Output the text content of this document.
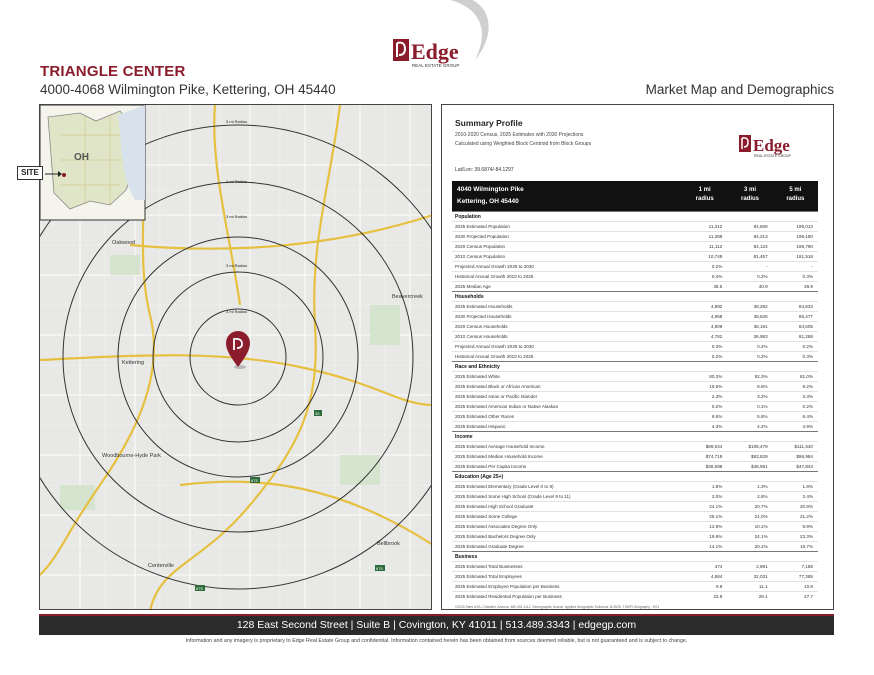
Edge
REAL ESTATE GROUP
TRIANGLE CENTER
4000-4068 Wilmington Pike, Kettering, OH 45440	Market Map and Demographics
5 mi Radius
3 mi Radius
3 mi Radius
3 mi Radius
3 mi Radius
Oakwood
Kettering
Beavercreek
Woodbourne-Hyde Park
Bellbrook
Centerville
35
675
675
675
OH
SITE
Summary Profile
2010-2020 Census, 2025 Estimates with 2030 Projections
Calculated using Weighted Block Centroid from Block Groups
Lat/Lon: 39.6874/-84.1297
Edge
REAL ESTATE GROUP
4040 Wilmington Pike
Kettering, OH 45440
1 mi
radius
3 mi
radius
5 mi
radius
Population
2025 Estimated Population	11,312	84,608	199,013
2030 Projected Population	11,399	84,213	199,180
2020 Census Population	11,112	84,124	198,790
2010 Census Population	10,749	81,457	191,518
Projected Annual Growth 2025 to 2030	0.2%	-	-
Historical Annual Growth 2010 to 2025	0.4%	0.2%	0.3%
2025 Median Age	38.5	40.9	39.9
Households
2025 Estimated Households	4,892	38,282	84,833
2030 Projected Households	4,958	38,828	85,477
2020 Census Households	4,909	38,191	84,505
2010 Census Households	4,762	36,983	81,288
Projected Annual Growth 2025 to 2030	0.3%	0.2%	0.2%
Historical Annual Growth 2010 to 2025	0.2%	0.2%	0.3%
Race and Ethnicity
2025 Estimated White	80.3%	82.3%	81.0%
2025 Estimated Black or African American	10.6%	8.5%	9.2%
2025 Estimated Asian or Pacific Islander	2.3%	3.2%	3.3%
2025 Estimated American Indian or Native Alaskan	0.2%	0.1%	0.2%
2025 Estimated Other Races	6.6%	5.8%	6.4%
2025 Estimated Hispanic	4.3%	4.2%	4.9%
Income
2025 Estimated Average Household Income	$89,044	$108,479	$111,540
2025 Estimated Median Household Income	$74,719	$83,829	$86,984
2025 Estimated Per Capita Income	$38,598	$48,981	$47,843
Education (Age 25+)
2025 Estimated Elementary (Grade Level 0 to 8)	1.8%	1.3%	1.8%
2025 Estimated Some High School (Grade Level 9 to 11)	2.0%	2.8%	3.4%
2025 Estimated High School Graduate	24.1%	20.7%	20.8%
2025 Estimated Some College	25.1%	21.0%	21.2%
2025 Estimated Associates Degree Only	12.9%	10.1%	9.9%
2025 Estimated Bachelors Degree Only	19.9%	24.1%	23.3%
2025 Estimated Graduate Degree	14.1%	20.1%	19.7%
Business
2025 Estimated Total Businesses	474	2,891	7,188
2025 Estimated Total Employees	4,684	32,031	77,385
2025 Estimated Employee Population per Business	9.9	11.1	10.8
2025 Estimated Residential Population per Business	23.9	29.1	27.7
©2025 Sites USA, Chandler, Arizona, 480-491-1112. Demographic Source: Applied Geographic Solutions 11/2025, TIGER Geography - RS1
128 East Second Street | Suite B | Covington, KY 41011 | 513.489.3343 | edgegp.com
Information and any imagery is proprietary to Edge Real Estate Group and confidential. Information contained herein has been obtained from sources deemed reliable, but is not guaranteed and is subject to change.
